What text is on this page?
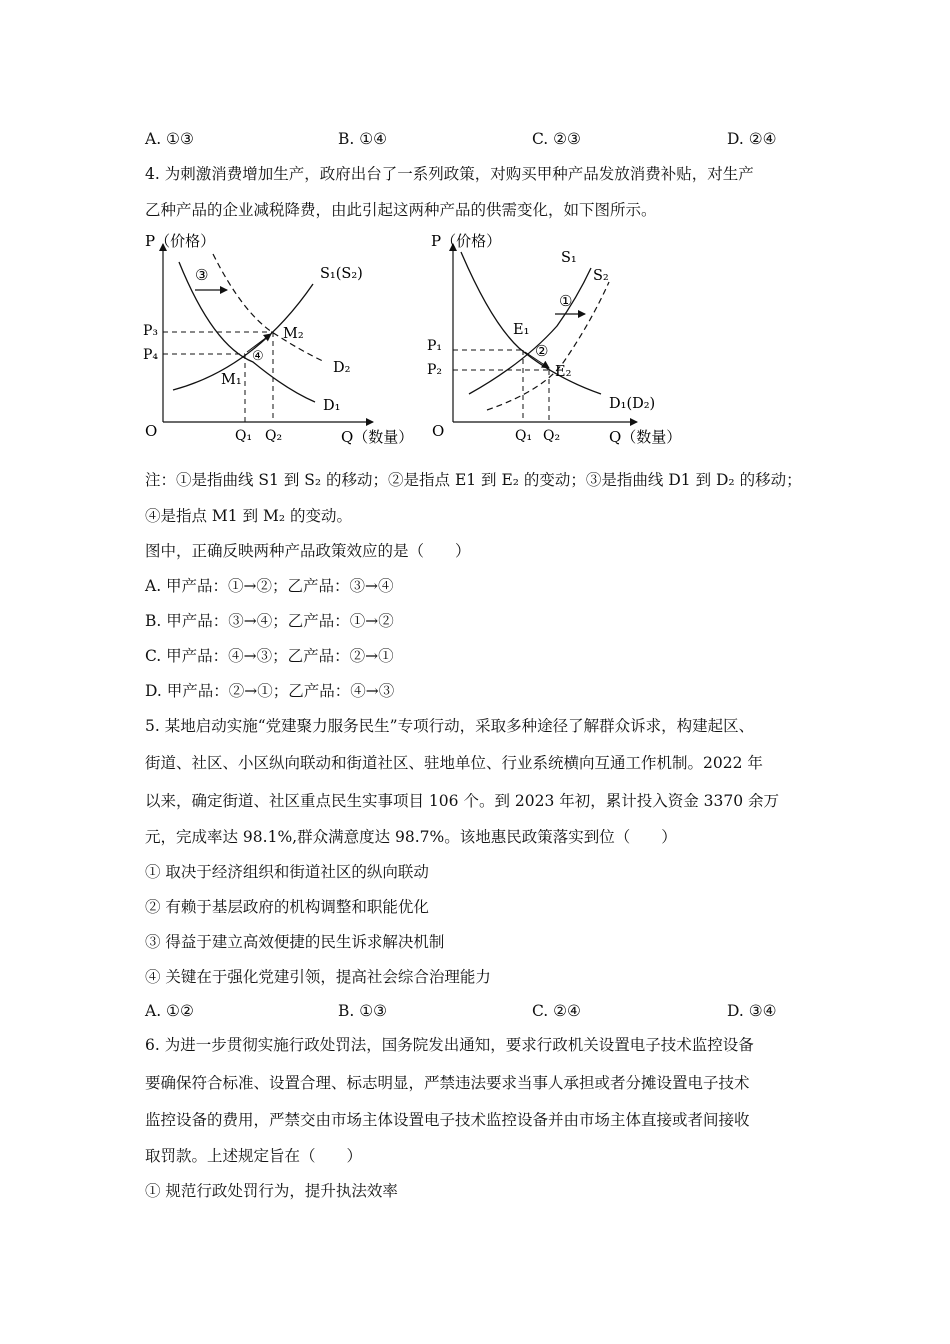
A. ①③	B. ①④	C. ②③	D. ②④
4. 为刺激消费增加生产，政府出台了一系列政策，对购买甲种产品发放消费补贴，对生产
乙种产品的企业减税降费，由此引起这两种产品的供需变化，如下图所示。
P（价格）
Q（数量）
O
S₁(S₂)
D₁
D₂
P₃
P₄
Q₁ Q₂
M₁
M₂
④
③
P（价格）
Q（数量）
O
S₁
S₂
D₁(D₂)
P₁
P₂
Q₁ Q₂
E₁
E₂
②
①
注：①是指曲线 S1 到 S₂ 的移动；②是指点 E1 到 E₂ 的变动；③是指曲线 D1 到 D₂ 的移动；
④是指点 M1 到 M₂ 的变动。
图中，正确反映两种产品政策效应的是（　　）
A. 甲产品：①→②；乙产品：③→④
B. 甲产品：③→④；乙产品：①→②
C. 甲产品：④→③；乙产品：②→①
D. 甲产品：②→①；乙产品：④→③
5. 某地启动实施“党建聚力服务民生”专项行动，采取多种途径了解群众诉求，构建起区、
街道、社区、小区纵向联动和街道社区、驻地单位、行业系统横向互通工作机制。2022 年
以来，确定街道、社区重点民生实事项目 106 个。到 2023 年初，累计投入资金 3370 余万
元，完成率达 98.1%,群众满意度达 98.7%。该地惠民政策落实到位（　　）
① 取决于经济组织和街道社区的纵向联动
② 有赖于基层政府的机构调整和职能优化
③ 得益于建立高效便捷的民生诉求解决机制
④ 关键在于强化党建引领，提高社会综合治理能力
A. ①②	B. ①③	C. ②④	D. ③④
6. 为进一步贯彻实施行政处罚法，国务院发出通知，要求行政机关设置电子技术监控设备
要确保符合标准、设置合理、标志明显，严禁违法要求当事人承担或者分摊设置电子技术
监控设备的费用，严禁交由市场主体设置电子技术监控设备并由市场主体直接或者间接收
取罚款。上述规定旨在（　　）
① 规范行政处罚行为，提升执法效率
